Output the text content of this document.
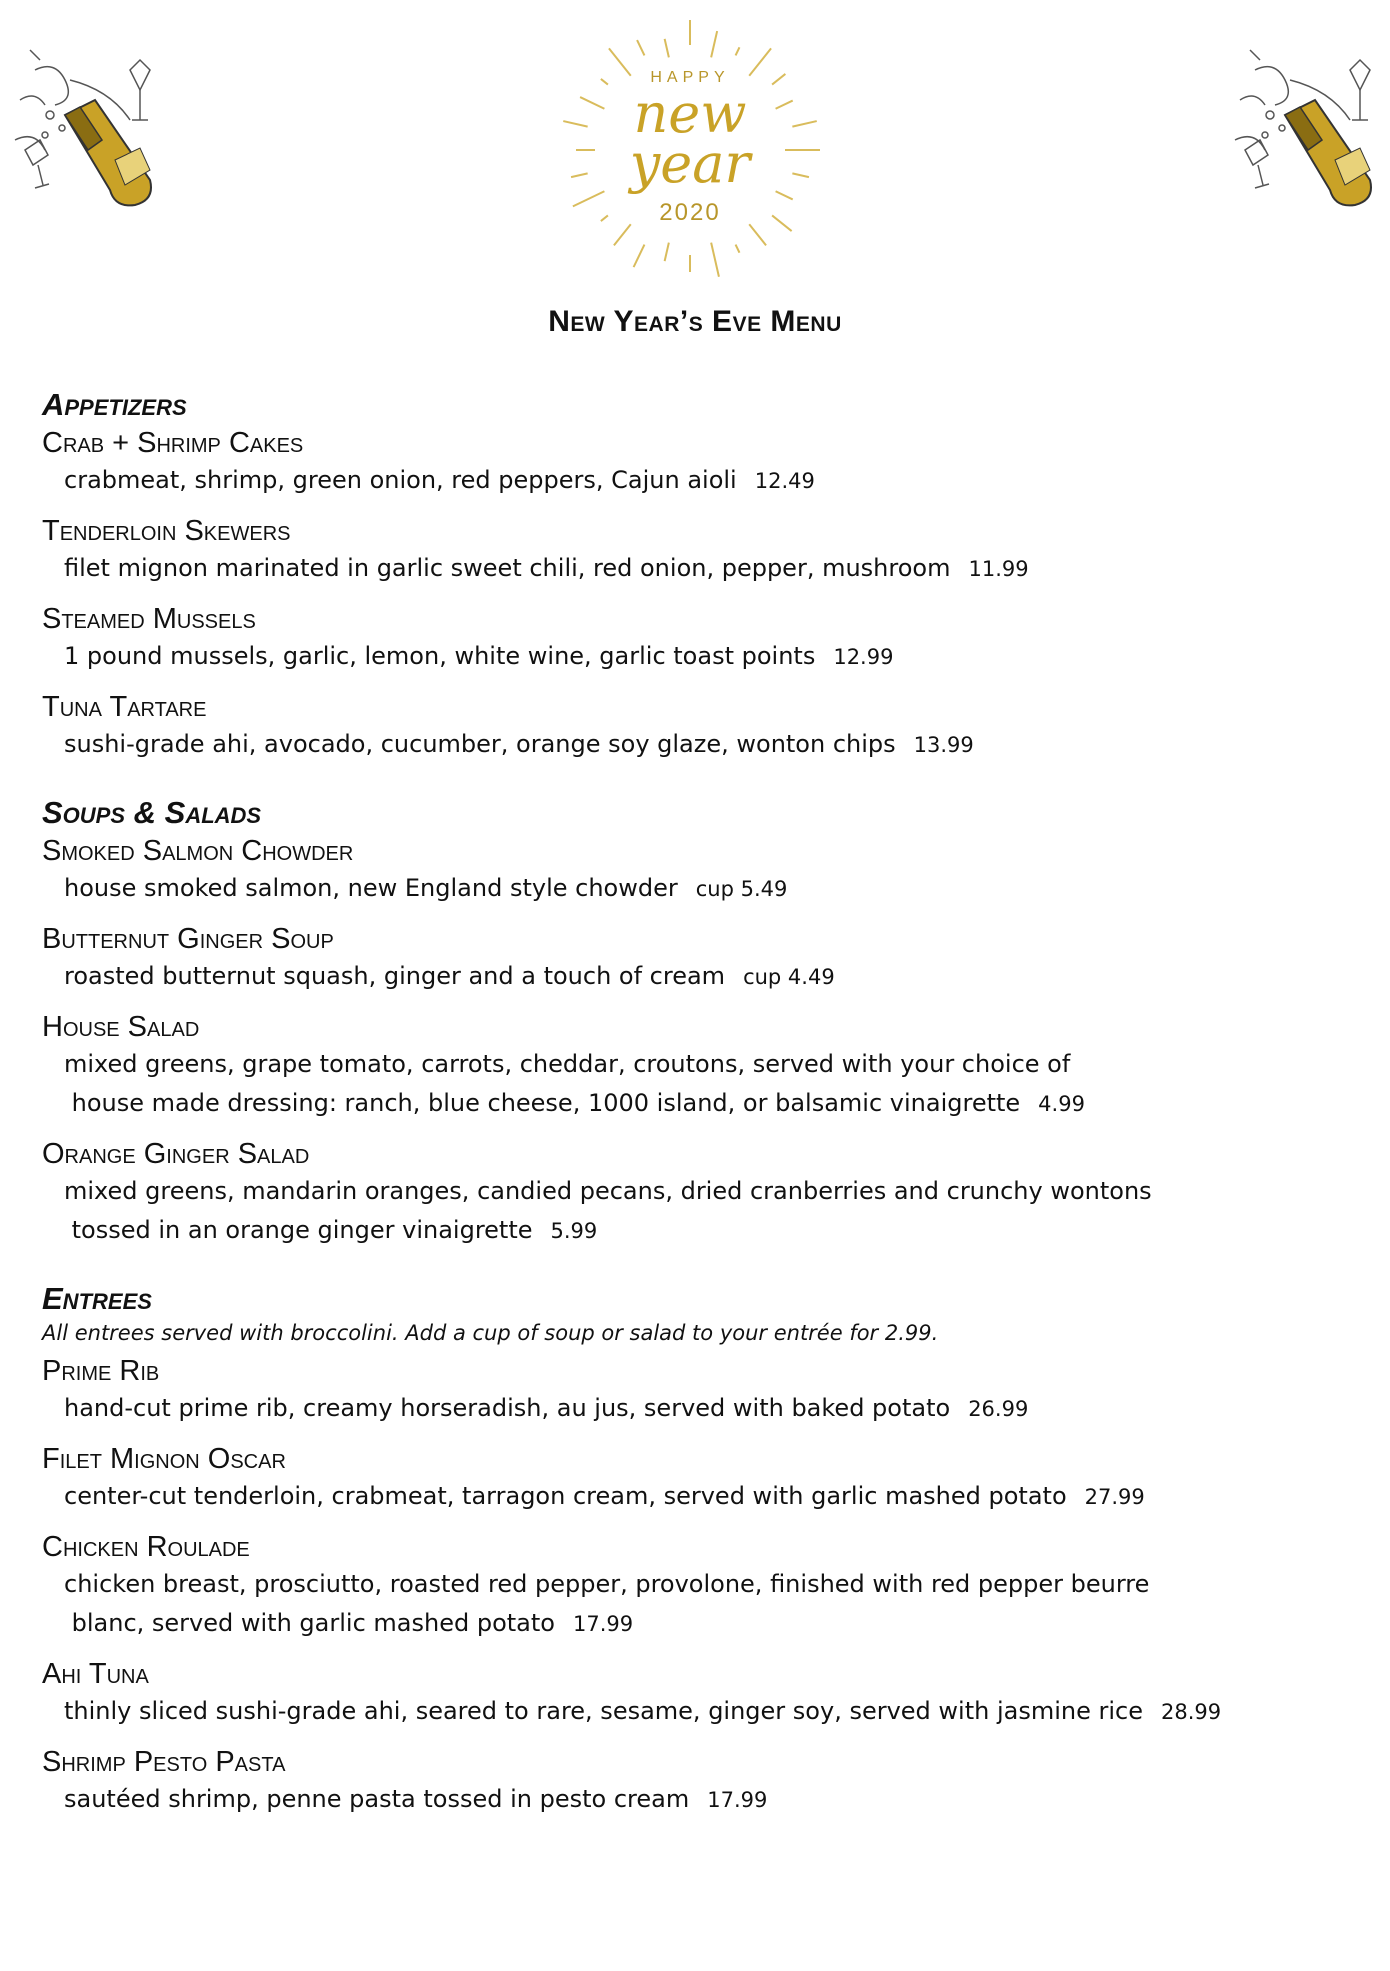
HAPPY
new
year
2020
New Year’s Eve Menu
Appetizers
Crab + Shrimp Cakes
crabmeat, shrimp, green onion, red peppers, Cajun aioli 12.49
Tenderloin Skewers
filet mignon marinated in garlic sweet chili, red onion, pepper, mushroom 11.99
Steamed Mussels
1 pound mussels, garlic, lemon, white wine, garlic toast points 12.99
Tuna Tartare
sushi-grade ahi, avocado, cucumber, orange soy glaze, wonton chips 13.99
Soups & Salads
Smoked Salmon Chowder
house smoked salmon, new England style chowder cup 5.49
Butternut Ginger Soup
roasted butternut squash, ginger and a touch of cream cup 4.49
House Salad
mixed greens, grape tomato, carrots, cheddar, croutons, served with your choice of
house made dressing: ranch, blue cheese, 1000 island, or balsamic vinaigrette 4.99
Orange Ginger Salad
mixed greens, mandarin oranges, candied pecans, dried cranberries and crunchy wontons
tossed in an orange ginger vinaigrette 5.99
Entrees
All entrees served with broccolini. Add a cup of soup or salad to your entrée for 2.99.
Prime Rib
hand-cut prime rib, creamy horseradish, au jus, served with baked potato 26.99
Filet Mignon Oscar
center-cut tenderloin, crabmeat, tarragon cream, served with garlic mashed potato 27.99
Chicken Roulade
chicken breast, prosciutto, roasted red pepper, provolone, finished with red pepper beurre
blanc, served with garlic mashed potato 17.99
Ahi Tuna
thinly sliced sushi-grade ahi, seared to rare, sesame, ginger soy, served with jasmine rice 28.99
Shrimp Pesto Pasta
sautéed shrimp, penne pasta tossed in pesto cream 17.99
